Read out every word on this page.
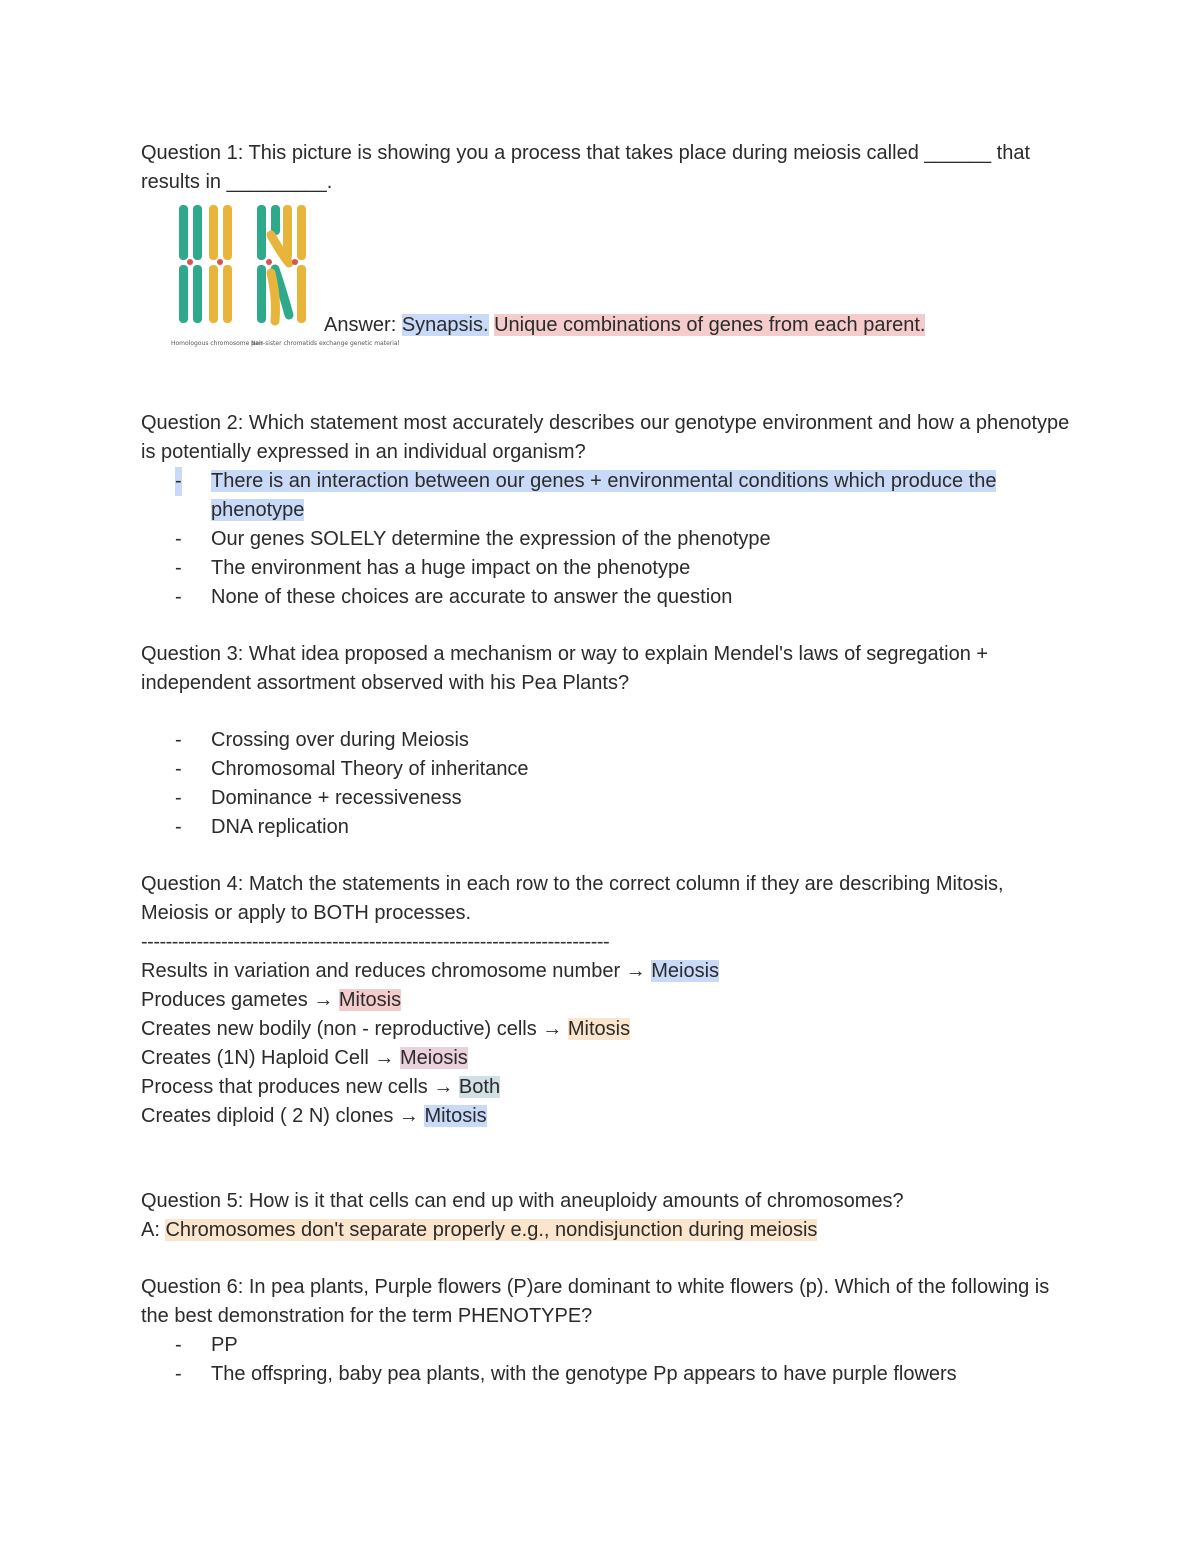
Question 1: This picture is showing you a process that takes place during meiosis called ______ that results in _________.

Homologous chromosome pair
Non-sister chromatids exchange genetic material
Answer: Synapsis. Unique combinations of genes from each parent.

Question 2: Which statement most accurately describes our genotype environment and how a phenotype is potentially expressed in an individual organism?

- There is an interaction between our genes + environmental conditions which produce the phenotype
- Our genes SOLELY determine the expression of the phenotype
- The environment has a huge impact on the phenotype
- None of these choices are accurate to answer the question

Question 3: What idea proposed a mechanism or way to explain Mendel's laws of segregation + independent assortment observed with his Pea Plants?

- Crossing over during Meiosis
- Chromosomal Theory of inheritance
- Dominance + recessiveness
- DNA replication

Question 4: Match the statements in each row to the correct column if they are describing Mitosis, Meiosis or apply to BOTH processes.

----------------------------------------------------------------------------

Results in variation and reduces chromosome number → Meiosis

Produces gametes → Mitosis

Creates new bodily (non - reproductive) cells → Mitosis

Creates (1N) Haploid Cell → Meiosis

Process that produces new cells → Both

Creates diploid ( 2 N) clones → Mitosis

Question 5: How is it that cells can end up with aneuploidy amounts of chromosomes?

A: Chromosomes don't separate properly e.g., nondisjunction during meiosis

Question 6: In pea plants, Purple flowers (P)are dominant to white flowers (p). Which of the following is the best demonstration for the term PHENOTYPE?

- PP
- The offspring, baby pea plants, with the genotype Pp appears to have purple flowers
